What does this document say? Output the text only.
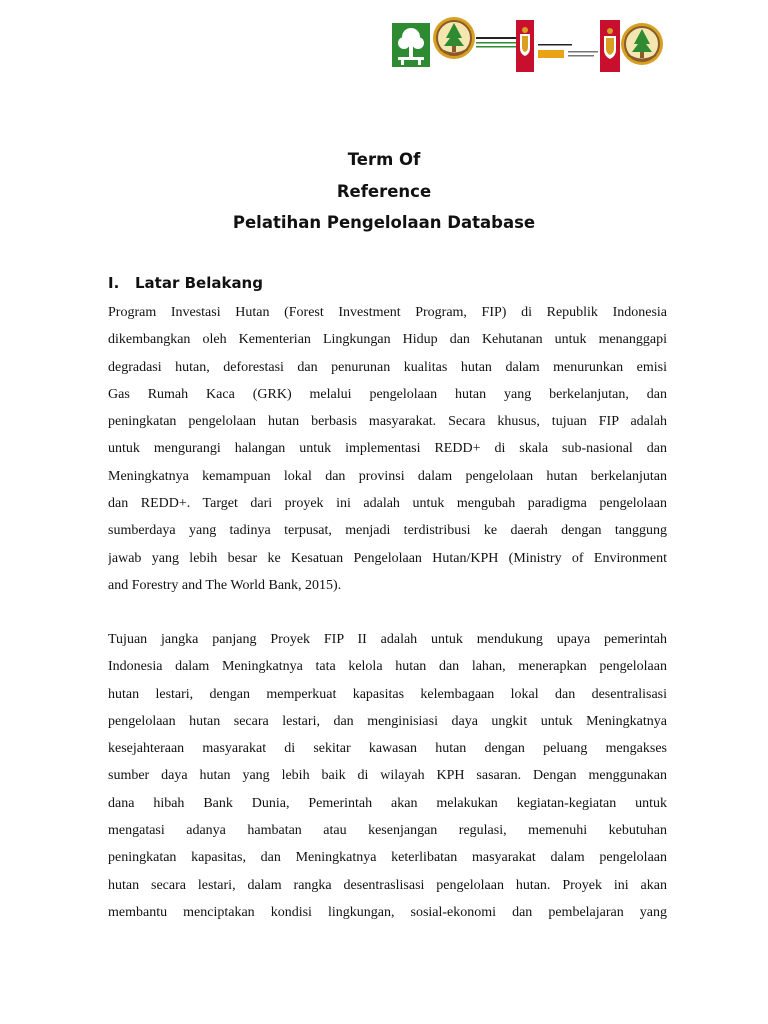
Term Of
Reference
Pelatihan Pengelolaan Database
I. Latar Belakang
Program Investasi Hutan (Forest Investment Program, FIP) di Republik Indonesia
dikembangkan oleh Kementerian Lingkungan Hidup dan Kehutanan untuk menanggapi
degradasi hutan, deforestasi dan penurunan kualitas hutan dalam menurunkan emisi
Gas Rumah Kaca (GRK) melalui pengelolaan hutan yang berkelanjutan, dan
peningkatan pengelolaan hutan berbasis masyarakat. Secara khusus, tujuan FIP adalah
untuk mengurangi halangan untuk implementasi REDD+ di skala sub-nasional dan
Meningkatnya kemampuan lokal dan provinsi dalam pengelolaan hutan berkelanjutan
dan REDD+. Target dari proyek ini adalah untuk mengubah paradigma pengelolaan
sumberdaya yang tadinya terpusat, menjadi terdistribusi ke daerah dengan tanggung
jawab yang lebih besar ke Kesatuan Pengelolaan Hutan/KPH (Ministry of Environment
and Forestry and The World Bank, 2015).
Tujuan jangka panjang Proyek FIP II adalah untuk mendukung upaya pemerintah
Indonesia dalam Meningkatnya tata kelola hutan dan lahan, menerapkan pengelolaan
hutan lestari, dengan memperkuat kapasitas kelembagaan lokal dan desentralisasi
pengelolaan hutan secara lestari, dan menginisiasi daya ungkit untuk Meningkatnya
kesejahteraan masyarakat di sekitar kawasan hutan dengan peluang mengakses
sumber daya hutan yang lebih baik di wilayah KPH sasaran. Dengan menggunakan
dana hibah Bank Dunia, Pemerintah akan melakukan kegiatan-kegiatan untuk
mengatasi adanya hambatan atau kesenjangan regulasi, memenuhi kebutuhan
peningkatan kapasitas, dan Meningkatnya keterlibatan masyarakat dalam pengelolaan
hutan secara lestari, dalam rangka desentraslisasi pengelolaan hutan. Proyek ini akan
membantu menciptakan kondisi lingkungan, sosial-ekonomi dan pembelajaran yang
